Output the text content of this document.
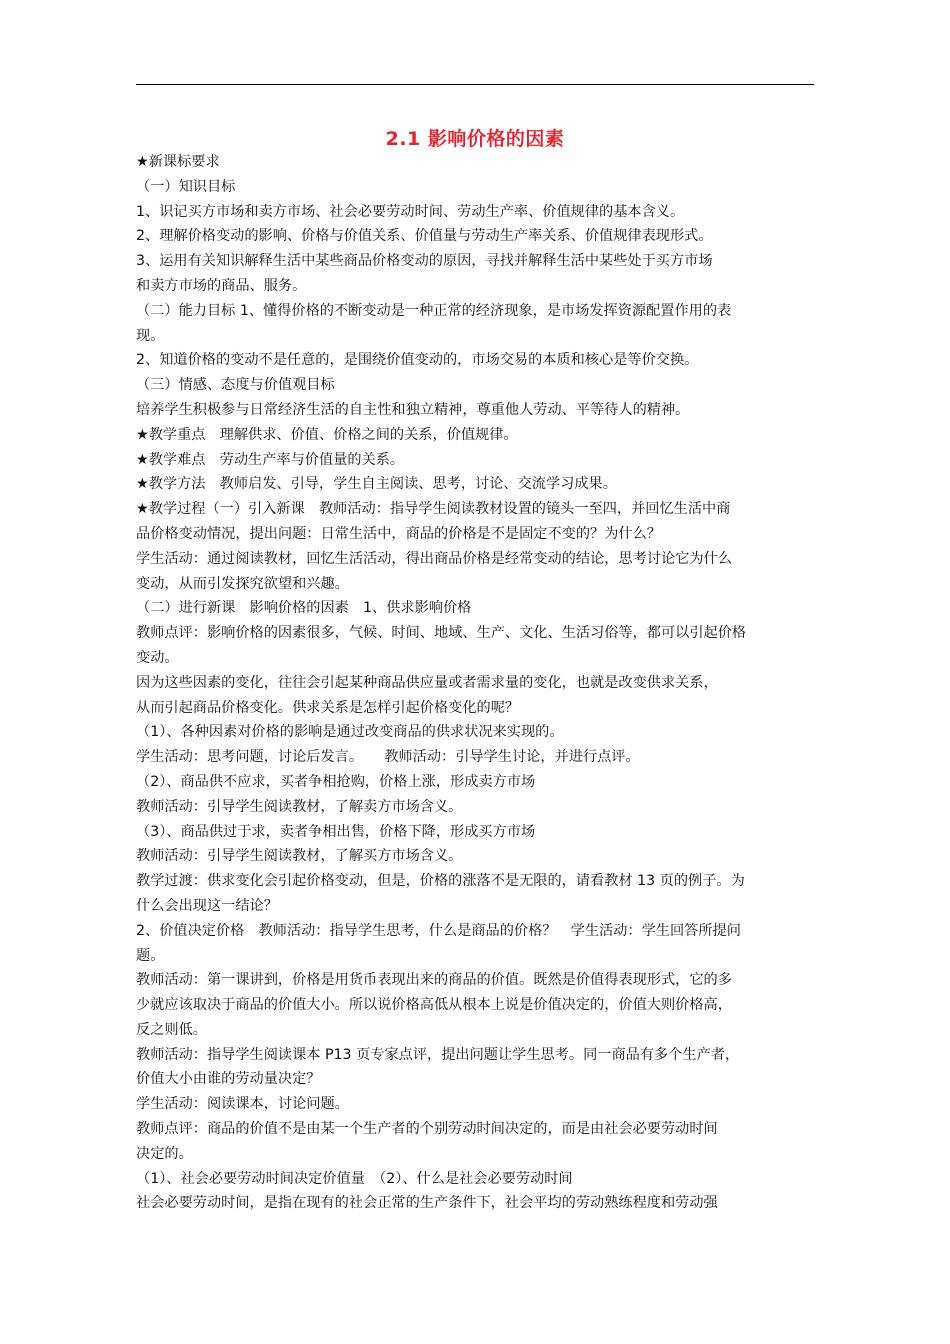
2.1 影响价格的因素

★新课标要求

（一）知识目标

1、识记买方市场和卖方市场、社会必要劳动时间、劳动生产率、价值规律的基本含义。

2、理解价格变动的影响、价格与价值关系、价值量与劳动生产率关系、价值规律表现形式。

3、运用有关知识解释生活中某些商品价格变动的原因，寻找并解释生活中某些处于买方市场

和卖方市场的商品、服务。

（二）能力目标 1、懂得价格的不断变动是一种正常的经济现象，是市场发挥资源配置作用的表

现。

2、知道价格的变动不是任意的，是围绕价值变动的，市场交易的本质和核心是等价交换。

（三）情感、态度与价值观目标

培养学生积极参与日常经济生活的自主性和独立精神，尊重他人劳动、平等待人的精神。

★教学重点　理解供求、价值、价格之间的关系，价值规律。

★教学难点　劳动生产率与价值量的关系。

★教学方法　教师启发、引导，学生自主阅读、思考，讨论、交流学习成果。

★教学过程（一）引入新课　教师活动：指导学生阅读教材设置的镜头一至四，并回忆生活中商

品价格变动情况，提出问题：日常生活中，商品的价格是不是固定不变的？为什么？

学生活动：通过阅读教材，回忆生活活动，得出商品价格是经常变动的结论，思考讨论它为什么

变动，从而引发探究欲望和兴趣。

（二）进行新课　影响价格的因素　1、供求影响价格

教师点评：影响价格的因素很多，气候、时间、地域、生产、文化、生活习俗等，都可以引起价格

变动。

因为这些因素的变化，往往会引起某种商品供应量或者需求量的变化，也就是改变供求关系，

从而引起商品价格变化。供求关系是怎样引起价格变化的呢？

（1）、各种因素对价格的影响是通过改变商品的供求状况来实现的。

学生活动：思考问题，讨论后发言。　　教师活动：引导学生讨论，并进行点评。

（2）、商品供不应求，买者争相抢购，价格上涨，形成卖方市场

教师活动：引导学生阅读教材，了解卖方市场含义。

（3）、商品供过于求，卖者争相出售，价格下降，形成买方市场

教师活动：引导学生阅读教材，了解买方市场含义。

教学过渡：供求变化会引起价格变动，但是，价格的涨落不是无限的，请看教材 13 页的例子。为

什么会出现这一结论？

2、价值决定价格　教师活动：指导学生思考，什么是商品的价格？　学生活动：学生回答所提问

题。

教师活动：第一课讲到，价格是用货币表现出来的商品的价值。既然是价值得表现形式，它的多

少就应该取决于商品的价值大小。所以说价格高低从根本上说是价值决定的，价值大则价格高，

反之则低。

教师活动：指导学生阅读课本 P13 页专家点评，提出问题让学生思考。同一商品有多个生产者，

价值大小由谁的劳动量决定？

学生活动：阅读课本，讨论问题。

教师点评：商品的价值不是由某一个生产者的个别劳动时间决定的，而是由社会必要劳动时间

决定的。

（1）、社会必要劳动时间决定价值量　（2）、什么是社会必要劳动时间

社会必要劳动时间，是指在现有的社会正常的生产条件下，社会平均的劳动熟练程度和劳动强
